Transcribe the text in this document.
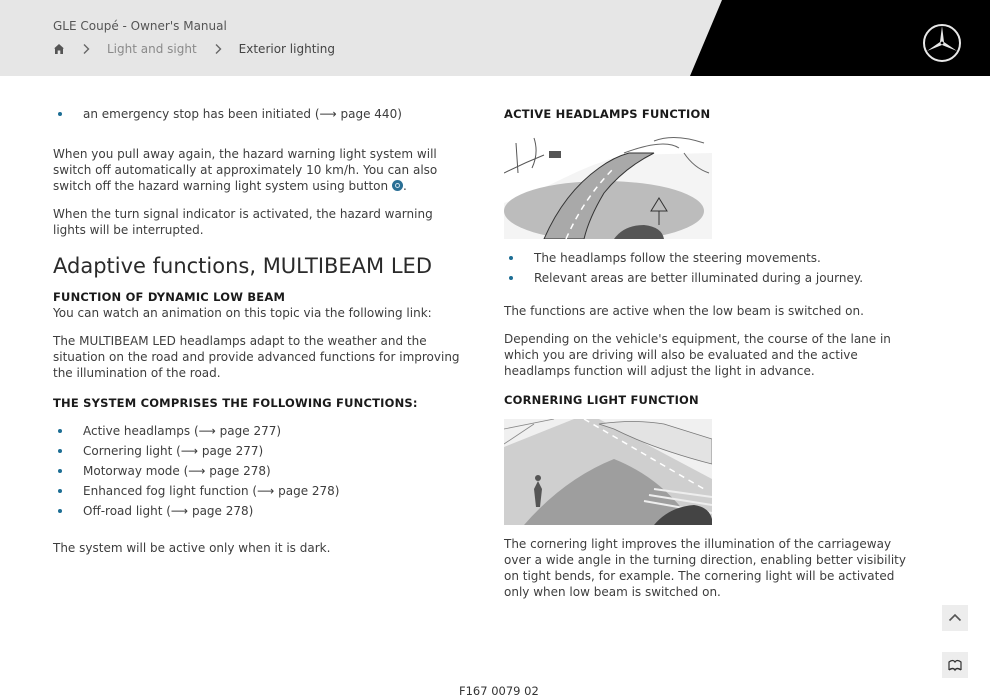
GLE Coupé - Owner's Manual
Light and sight	Exterior lighting
an emergency stop has been initiated (⟶ page 440)

When you pull away again, the hazard warning light system will switch off automatically at approximately 10 km/h. You can also switch off the hazard warning light system using button .

When the turn signal indicator is activated, the hazard warning lights will be interrupted.

Adaptive functions, MULTIBEAM LED
FUNCTION OF DYNAMIC LOW BEAM

You can watch an animation on this topic via the following link:

The MULTIBEAM LED headlamps adapt to the weather and the situation on the road and provide advanced functions for improving the illumination of the road.

THE SYSTEM COMPRISES THE FOLLOWING FUNCTIONS:
Active headlamps (⟶ page 277)
Cornering light (⟶ page 277)
Motorway mode (⟶ page 278)
Enhanced fog light function (⟶ page 278)
Off-road light (⟶ page 278)

The system will be active only when it is dark.

ACTIVE HEADLAMPS FUNCTION
The headlamps follow the steering movements.
Relevant areas are better illuminated during a journey.

The functions are active when the low beam is switched on.

Depending on the vehicle's equipment, the course of the lane in which you are driving will also be evaluated and the active headlamps function will adjust the light in advance.

CORNERING LIGHT FUNCTION

The cornering light improves the illumination of the carriageway over a wide angle in the turning direction, enabling better visibility on tight bends, for example. The cornering light will be activated only when low beam is switched on.

F167 0079 02
